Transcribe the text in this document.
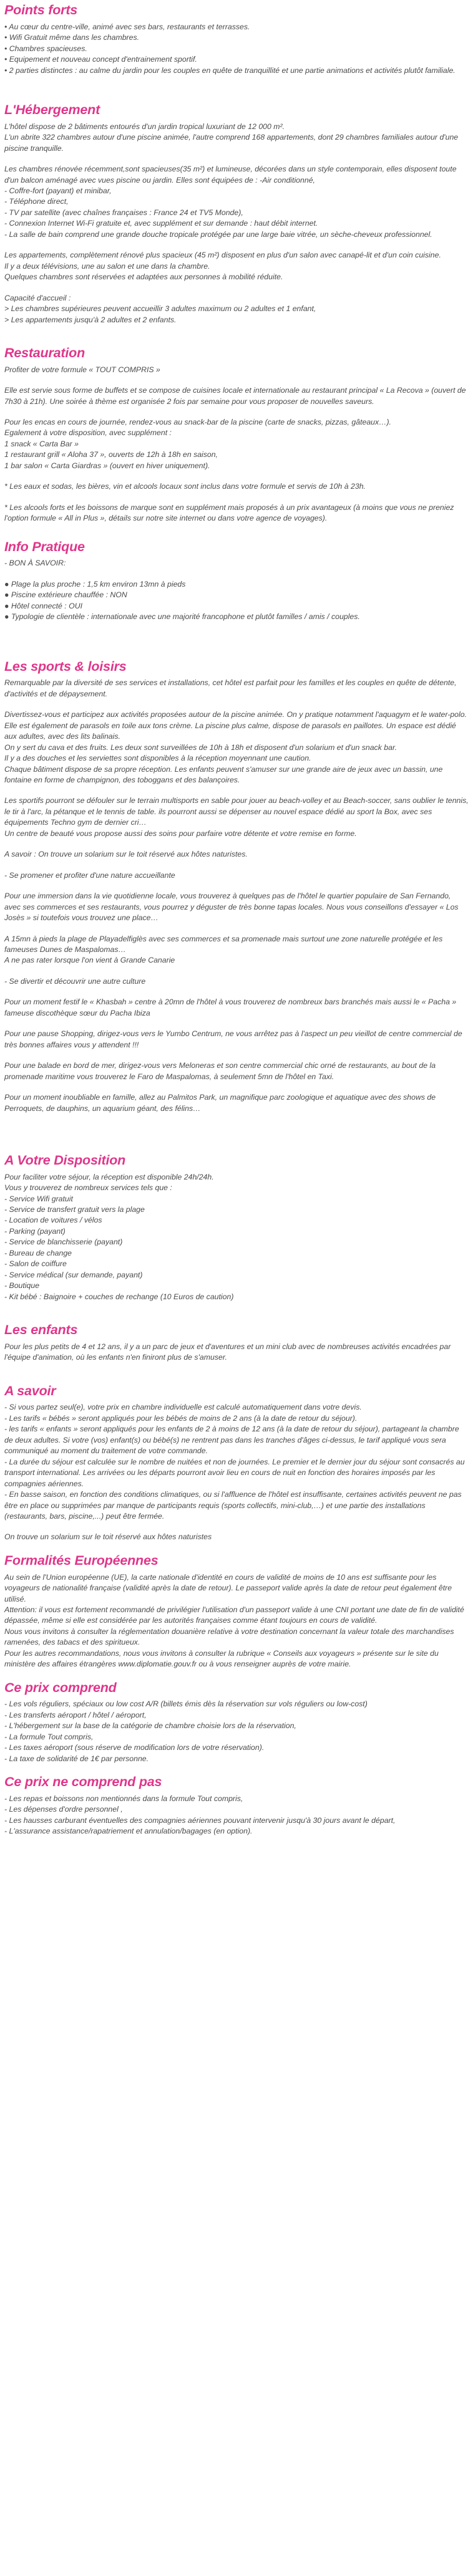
Points forts

• Au cœur du centre-ville, animé avec ses bars, restaurants et terrasses.

• Wifi Gratuit même dans les chambres.

• Chambres spacieuses.

• Equipement et nouveau concept d'entrainement sportif.

• 2 parties distinctes : au calme du jardin pour les couples en quête de tranquillité et une partie animations et activités plutôt familiale.

L'Hébergement

L'hôtel dispose de 2 bâtiments entourés d'un jardin tropical luxuriant de 12 000 m².

L'un abrite 322 chambres autour d'une piscine animée, l'autre comprend 168 appartements, dont 29 chambres familiales autour d'une piscine tranquille.

Les chambres rénovée récemment,sont spacieuses(35 m²) et lumineuse, décorées dans un style contemporain, elles disposent toute d'un balcon aménagé avec vues piscine ou jardin. Elles sont équipées de : -Air conditionné,

- Coffre-fort (payant) et minibar,

- Téléphone direct,

- TV par satellite (avec chaînes françaises : France 24 et TV5 Monde),

- Connexion Internet Wi-Fi gratuite et, avec supplément et sur demande : haut débit internet.

- La salle de bain comprend une grande douche tropicale protégée par une large baie vitrée, un sèche-cheveux professionnel.

Les appartements, complètement rénové plus spacieux (45 m²) disposent en plus d'un salon avec canapé-lit et d'un coin cuisine.

Il y a deux télévisions, une au salon et une dans la chambre.

Quelques chambres sont réservées et adaptées aux personnes à mobilité réduite.

Capacité d'accueil :

> Les chambres supérieures peuvent accueillir 3 adultes maximum ou 2 adultes et 1 enfant,

> Les appartements jusqu'à 2 adultes et 2 enfants.

Restauration

Profiter de votre formule « TOUT COMPRIS »

Elle est servie sous forme de buffets et se compose de cuisines locale et internationale au restaurant principal « La Recova » (ouvert de 7h30 à 21h). Une soirée à thème est organisée 2 fois par semaine pour vous proposer de nouvelles saveurs.

Pour les encas en cours de journée, rendez-vous au snack-bar de la piscine (carte de snacks, pizzas, gâteaux…).

Egalement à votre disposition, avec supplément :

1 snack « Carta Bar »

1 restaurant grill « Aloha 37 », ouverts de 12h à 18h en saison,

1 bar salon « Carta Giardras » (ouvert en hiver uniquement).

* Les eaux et sodas, les bières, vin et alcools locaux sont inclus dans votre formule et servis de 10h à 23h.

* Les alcools forts et les boissons de marque sont en supplément mais proposés à un prix avantageux (à moins que vous ne preniez l'option formule « All in Plus », détails sur notre site internet ou dans votre agence de voyages).

Info Pratique

- BON À SAVOIR:

● Plage la plus proche : 1,5 km environ 13mn à pieds

● Piscine extérieure chauffée : NON

● Hôtel connecté : OUI

● Typologie de clientèle : internationale avec une majorité francophone et plutôt familles / amis / couples.

Les sports & loisirs

Remarquable par la diversité de ses services et installations, cet hôtel est parfait pour les familles et les couples en quête de détente, d'activités et de dépaysement.

Divertissez-vous et participez aux activités proposées autour de la piscine animée. On y pratique notamment l'aquagym et le water-polo. Elle est également de parasols en toile aux tons crème. La piscine plus calme, dispose de parasols en paillotes. Un espace est dédié aux adultes, avec des lits balinais.

On y sert du cava et des fruits. Les deux sont surveillées de 10h à 18h et disposent d'un solarium et d'un snack bar.

Il y a des douches et les serviettes sont disponibles à la réception moyennant une caution.

Chaque bâtiment dispose de sa propre réception. Les enfants peuvent s'amuser sur une grande aire de jeux avec un bassin, une fontaine en forme de champignon, des toboggans et des balançoires.

Les sportifs pourront se défouler sur le terrain multisports en sable pour jouer au beach-volley et au Beach-soccer, sans oublier le tennis, le tir à l'arc, la pétanque et le tennis de table. ils pourront aussi se dépenser au nouvel espace dédié au sport la Box, avec ses équipements Techno gym de dernier cri…

Un centre de beauté vous propose aussi des soins pour parfaire votre détente et votre remise en forme.

A savoir : On trouve un solarium sur le toit réservé aux hôtes naturistes.

- Se promener et profiter d'une nature accueillante

Pour une immersion dans la vie quotidienne locale, vous trouverez à quelques pas de l'hôtel le quartier populaire de San Fernando, avec ses commerces et ses restaurants, vous pourrez y déguster de très bonne tapas locales. Nous vous conseillons d'essayer « Los Josès » si toutefois vous trouvez une place…

A 15mn à pieds la plage de Playadelfiglès avec ses commerces et sa promenade mais surtout une zone naturelle protégée et les fameuses Dunes de Maspalomas…

A ne pas rater lorsque l'on vient à Grande Canarie

- Se divertir et découvrir une autre culture

Pour un moment festif le « Khasbah » centre à 20mn de l'hôtel à vous trouverez de nombreux bars branchés mais aussi le « Pacha » fameuse discothèque sœur du Pacha Ibiza

Pour une pause Shopping, dirigez-vous vers le Yumbo Centrum, ne vous arrêtez pas à l'aspect un peu vieillot de centre commercial de très bonnes affaires vous y attendent !!!

Pour une balade en bord de mer, dirigez-vous vers Meloneras et son centre commercial chic orné de restaurants, au bout de la promenade maritime vous trouverez le Faro de Maspalomas, à seulement 5mn de l'hôtel en Taxi.

Pour un moment inoubliable en famille, allez au Palmitos Park, un magnifique parc zoologique et aquatique avec des shows de Perroquets, de dauphins, un aquarium géant, des félins…

A Votre Disposition

Pour faciliter votre séjour, la réception est disponible 24h/24h.

Vous y trouverez de nombreux services tels que :

- Service Wifi gratuit

- Service de transfert gratuit vers la plage

- Location de voitures / vélos

- Parking (payant)

- Service de blanchisserie (payant)

- Bureau de change

- Salon de coiffure

- Service médical (sur demande, payant)

- Boutique

- Kit bébé : Baignoire + couches de rechange (10 Euros de caution)

Les enfants

Pour les plus petits de 4 et 12 ans, il y a un parc de jeux et d'aventures et un mini club avec de nombreuses activités encadrées par l'équipe d'animation, où les enfants n'en finiront plus de s'amuser.

A savoir

- Si vous partez seul(e), votre prix en chambre individuelle est calculé automatiquement dans votre devis.

- Les tarifs « bébés » seront appliqués pour les bébés de moins de 2 ans (à la date de retour du séjour).

- les tarifs « enfants » seront appliqués pour les enfants de 2 à moins de 12 ans (à la date de retour du séjour), partageant la chambre de deux adultes. Si votre (vos) enfant(s) ou bébé(s) ne rentrent pas dans les tranches d'âges ci-dessus, le tarif appliqué vous sera communiqué au moment du traitement de votre commande.

- La durée du séjour est calculée sur le nombre de nuitées et non de journées. Le premier et le dernier jour du séjour sont consacrés au transport international. Les arrivées ou les départs pourront avoir lieu en cours de nuit en fonction des horaires imposés par les compagnies aériennes.

- En basse saison, en fonction des conditions climatiques, ou si l'affluence de l'hôtel est insuffisante, certaines activités peuvent ne pas être en place ou supprimées par manque de participants requis (sports collectifs, mini-club,…) et une partie des installations (restaurants, bars, piscine,...) peut être fermée.

On trouve un solarium sur le toit réservé aux hôtes naturistes

Formalités Européennes

Au sein de l'Union européenne (UE), la carte nationale d'identité en cours de validité de moins de 10 ans est suffisante pour les voyageurs de nationalité française (validité après la date de retour). Le passeport valide après la date de retour peut également être utilisé.

Attention: il vous est fortement recommandé de privilégier l'utilisation d'un passeport valide à une CNI portant une date de fin de validité dépassée, même si elle est considérée par les autorités françaises comme étant toujours en cours de validité.

Nous vous invitons à consulter la réglementation douanière relative à votre destination concernant la valeur totale des marchandises ramenées, des tabacs et des spiritueux.

Pour les autres recommandations, nous vous invitons à consulter la rubrique « Conseils aux voyageurs » présente sur le site du ministère des affaires étrangères www.diplomatie.gouv.fr ou à vous renseigner auprès de votre mairie.

Ce prix comprend

- Les vols réguliers, spéciaux ou low cost A/R (billets émis dès la réservation sur vols réguliers ou low-cost)

- Les transferts aéroport / hôtel / aéroport,

- L'hébergement sur la base de la catégorie de chambre choisie lors de la réservation,

- La formule Tout compris,

- Les taxes aéroport (sous réserve de modification lors de votre réservation).

- La taxe de solidarité de 1€ par personne.

Ce prix ne comprend pas

- Les repas et boissons non mentionnés dans la formule Tout compris,

- Les dépenses d'ordre personnel ,

- Les hausses carburant éventuelles des compagnies aériennes pouvant intervenir jusqu'à 30 jours avant le départ,

- L'assurance assistance/rapatriement et annulation/bagages (en option).
